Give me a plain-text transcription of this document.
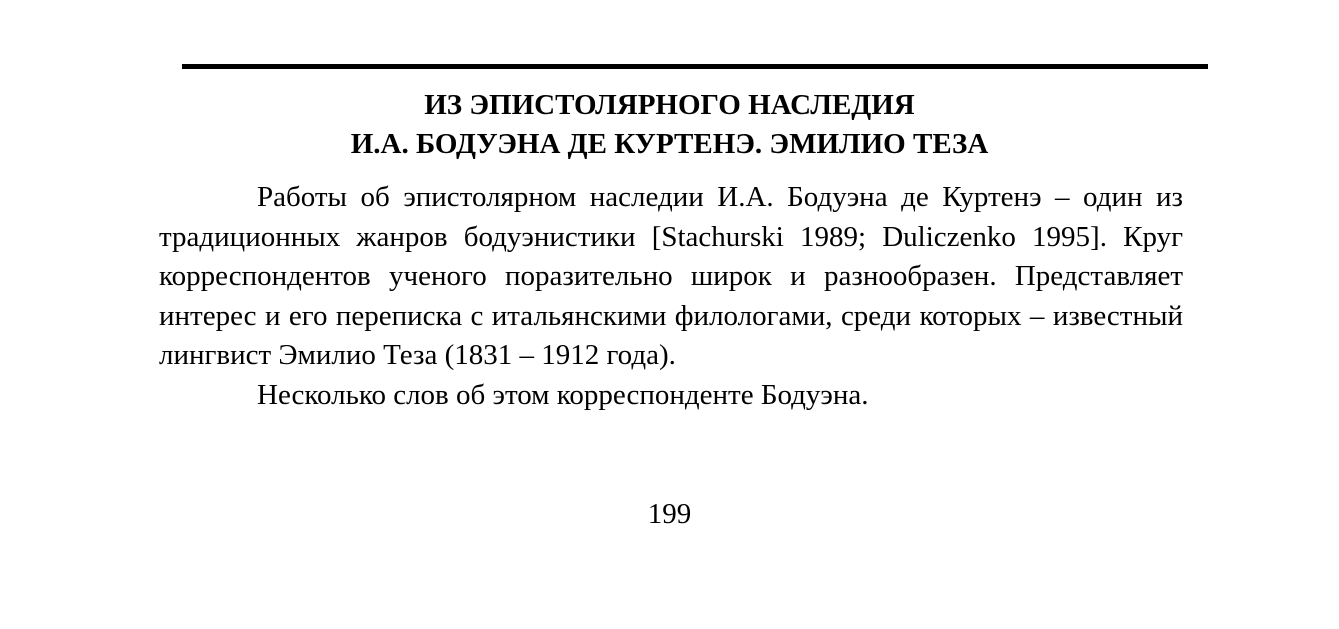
ИЗ ЭПИСТОЛЯРНОГО НАСЛЕДИЯ
И.А. БОДУЭНА ДЕ КУРТЕНЭ. ЭМИЛИО ТЕЗА

Работы об эпистолярном наследии И.А. Бодуэна де Куртенэ – один из традиционных жанров бодуэнистики [Stachurski 1989; Duliczenko 1995]. Круг корреспондентов ученого поразительно широк и разнообразен. Представляет интерес и его переписка с итальянскими филологами, среди которых – известный лингвист Эмилио Теза (1831 – 1912 года).

Несколько слов об этом корреспонденте Бодуэна.

199
